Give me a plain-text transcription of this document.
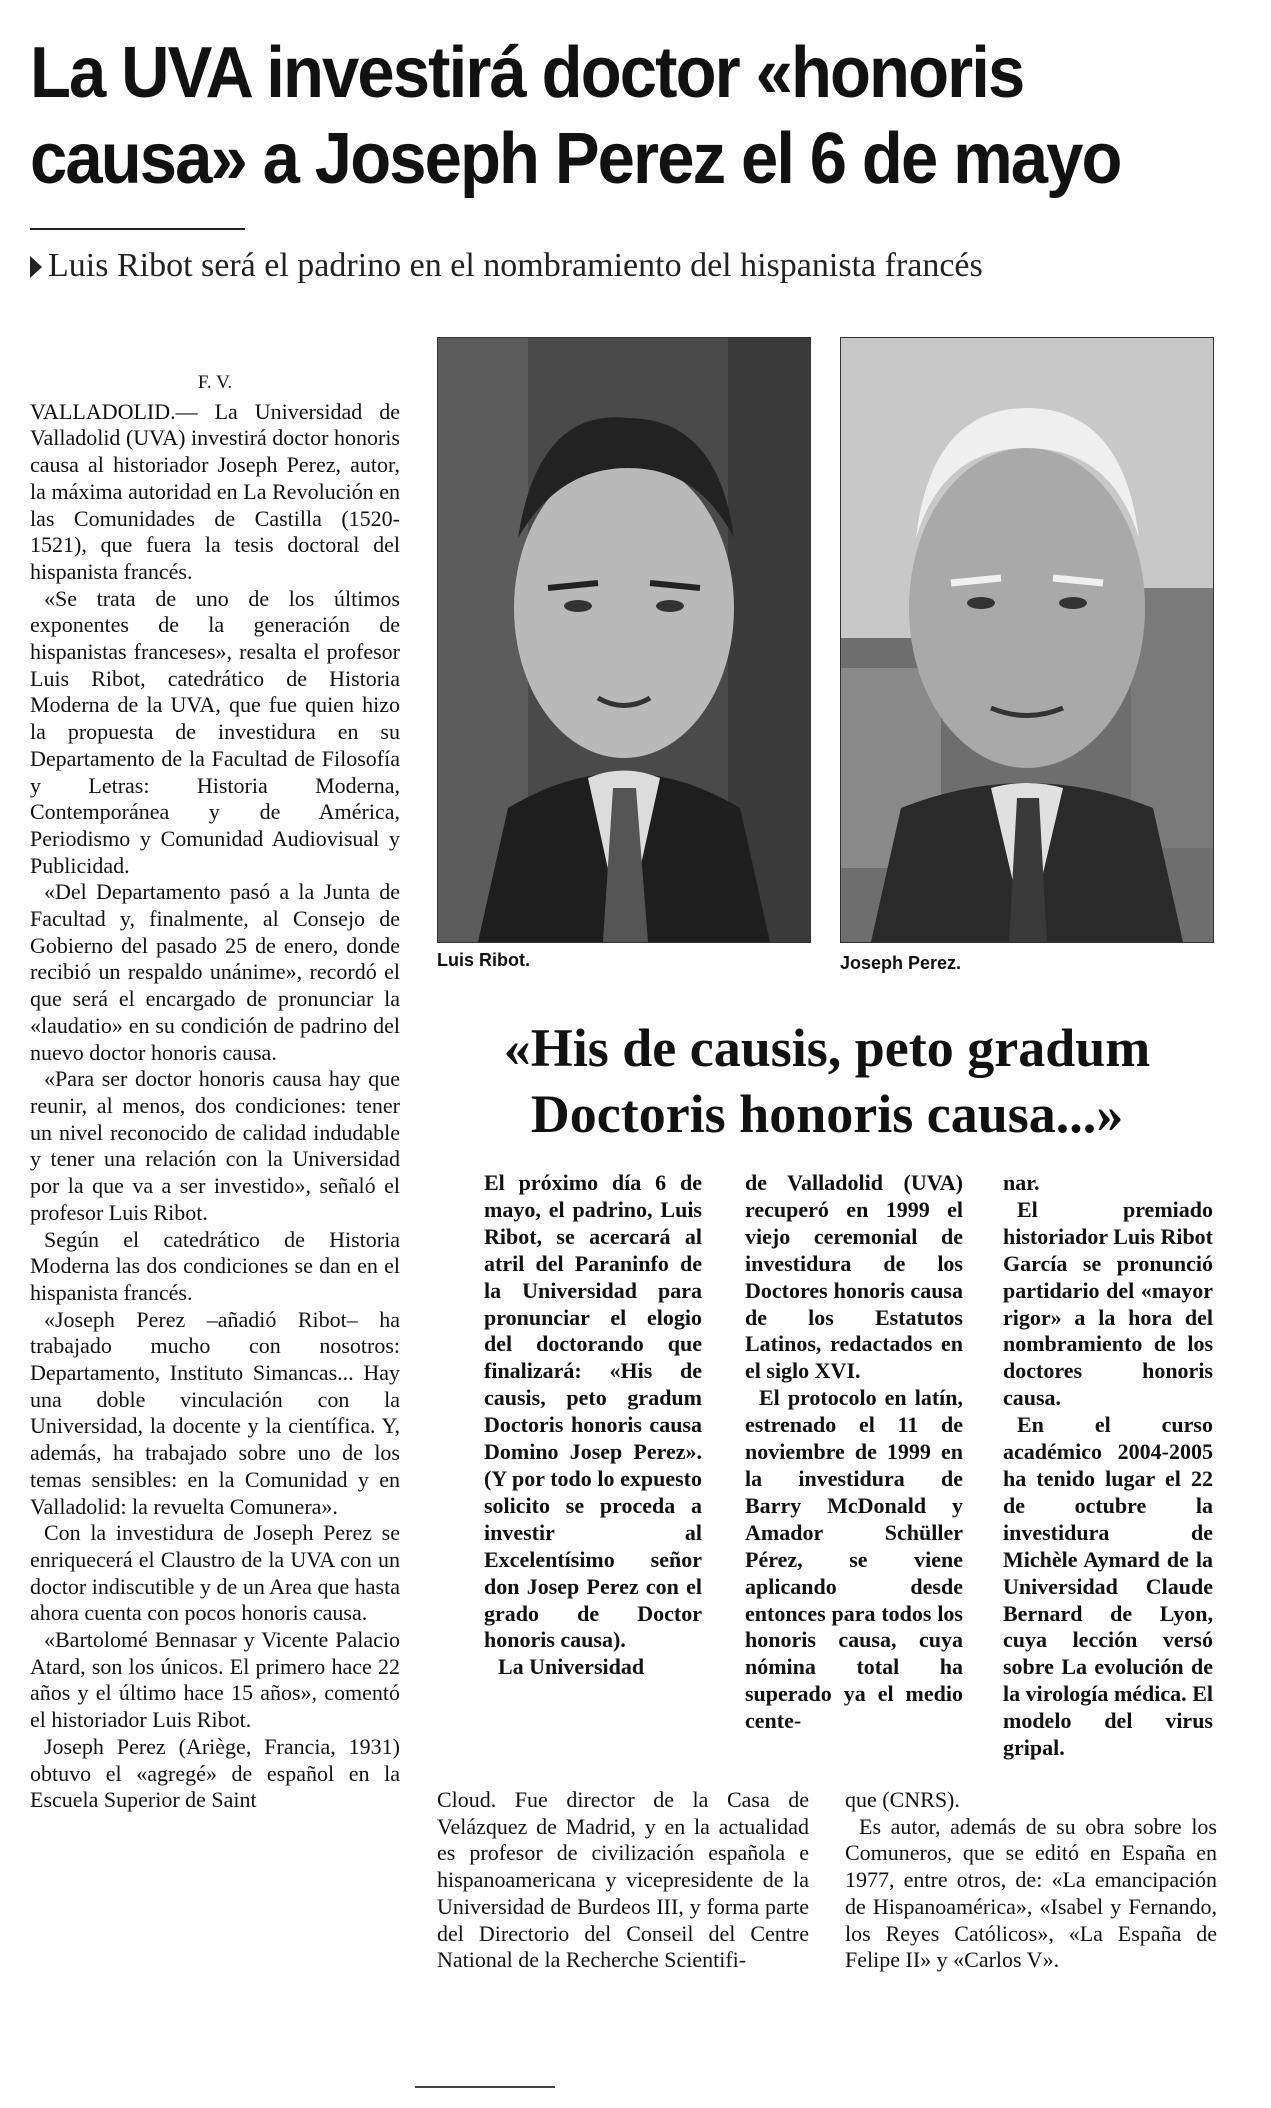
La UVA investirá doctor «honoris
causa» a Joseph Perez el 6 de mayo

Luis Ribot será el padrino en el nombramiento del hispanista francés

F. V.

VALLADOLID.— La Universidad de Valladolid (UVA) investirá doctor honoris causa al historiador Joseph Perez, autor, la máxima autoridad en La Revolución en las Comunidades de Castilla (1520-1521), que fuera la tesis doctoral del hispanista francés.

«Se trata de uno de los últimos exponentes de la generación de hispanistas franceses», resalta el profesor Luis Ribot, catedrático de Historia Moderna de la UVA, que fue quien hizo la propuesta de investidura en su Departamento de la Facultad de Filosofía y Letras: Historia Moderna, Contemporánea y de América, Periodismo y Comunidad Audiovisual y Publicidad.

«Del Departamento pasó a la Junta de Facultad y, finalmente, al Consejo de Gobierno del pasado 25 de enero, donde recibió un respaldo unánime», recordó el que será el encargado de pronunciar la «laudatio» en su condición de padrino del nuevo doctor honoris causa.

«Para ser doctor honoris causa hay que reunir, al menos, dos condiciones: tener un nivel reconocido de calidad indudable y tener una relación con la Universidad por la que va a ser investido», señaló el profesor Luis Ribot.

Según el catedrático de Historia Moderna las dos condiciones se dan en el hispanista francés.

«Joseph Perez –añadió Ribot– ha trabajado mucho con nosotros: Departamento, Instituto Simancas... Hay una doble vinculación con la Universidad, la docente y la científica. Y, además, ha trabajado sobre uno de los temas sensibles: en la Comunidad y en Valladolid: la revuelta Comunera».

Con la investidura de Joseph Perez se enriquecerá el Claustro de la UVA con un doctor indiscutible y de un Area que hasta ahora cuenta con pocos honoris causa.

«Bartolomé Bennasar y Vicente Palacio Atard, son los únicos. El primero hace 22 años y el último hace 15 años», comentó el historiador Luis Ribot.

Joseph Perez (Ariège, Francia, 1931) obtuvo el «agregé» de español en la Escuela Superior de Saint

Luis Ribot.	Joseph Perez.
«His de causis, peto gradum
Doctoris honoris causa...»

El próximo día 6 de mayo, el padrino, Luis Ribot, se acercará al atril del Paraninfo de la Universidad para pronunciar el elogio del doctorando que finalizará: «His de causis, peto gradum Doctoris honoris causa Domino Josep Perez». (Y por todo lo expuesto solicito se proceda a investir al Excelentísimo señor don Josep Perez con el grado de Doctor honoris causa).

La Universidad

de Valladolid (UVA) recuperó en 1999 el viejo ceremonial de investidura de los Doctores honoris causa de los Estatutos Latinos, redactados en el siglo XVI.

El protocolo en latín, estrenado el 11 de noviembre de 1999 en la investidura de Barry McDonald y Amador Schüller Pérez, se viene aplicando desde entonces para todos los honoris causa, cuya nómina total ha superado ya el medio cente-

nar.

El premiado historiador Luis Ribot García se pronunció partidario del «mayor rigor» a la hora del nombramiento de los doctores honoris causa.

En el curso académico 2004-2005 ha tenido lugar el 22 de octubre la investidura de Michèle Aymard de la Universidad Claude Bernard de Lyon, cuya lección versó sobre La evolución de la virología médica. El modelo del virus gripal.

Cloud. Fue director de la Casa de Velázquez de Madrid, y en la actualidad es profesor de civilización española e hispanoamericana y vicepresidente de la Universidad de Burdeos III, y forma parte del Directorio del Conseil del Centre National de la Recherche Scientifi-

que (CNRS).

Es autor, además de su obra sobre los Comuneros, que se editó en España en 1977, entre otros, de: «La emancipación de Hispanoamérica», «Isabel y Fernando, los Reyes Católicos», «La España de Felipe II» y «Carlos V».
